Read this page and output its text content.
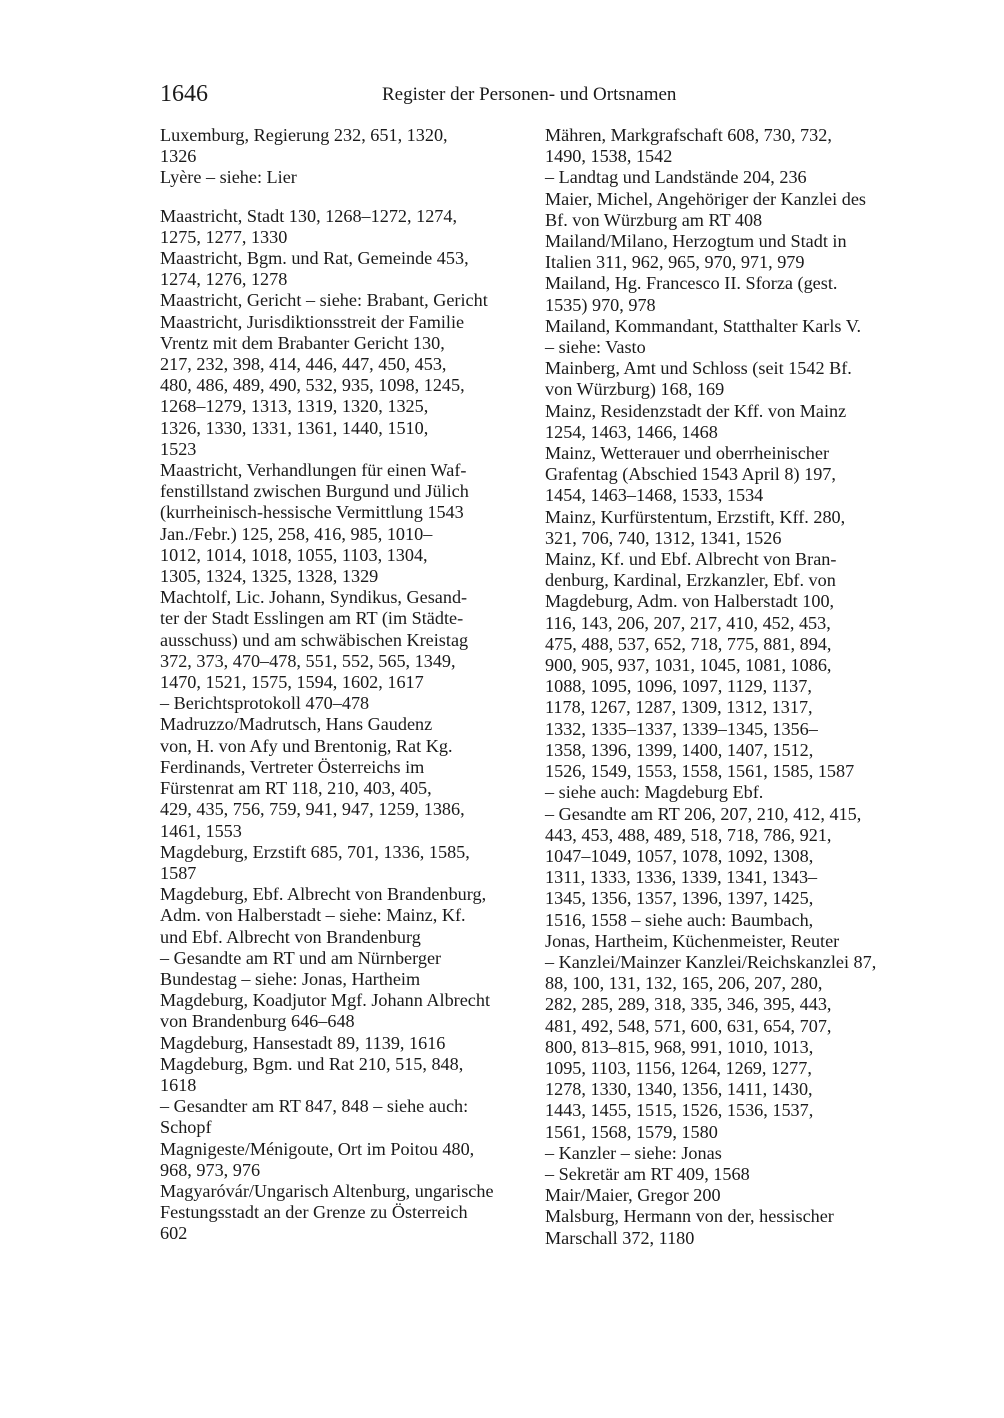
1646	Register der Personen- und Ortsnamen
Luxemburg, Regierung 232, 651, 1320,
1326
Lyère – siehe: Lier
Maastricht, Stadt 130, 1268–1272, 1274,
1275, 1277, 1330
Maastricht, Bgm. und Rat, Gemeinde 453,
1274, 1276, 1278
Maastricht, Gericht – siehe: Brabant, Gericht
Maastricht, Jurisdiktionsstreit der Familie
Vrentz mit dem Brabanter Gericht 130,
217, 232, 398, 414, 446, 447, 450, 453,
480, 486, 489, 490, 532, 935, 1098, 1245,
1268–1279, 1313, 1319, 1320, 1325,
1326, 1330, 1331, 1361, 1440, 1510,
1523
Maastricht, Verhandlungen für einen Waf-
fenstillstand zwischen Burgund und Jülich
(kurrheinisch-hessische Vermittlung 1543
Jan./Febr.) 125, 258, 416, 985, 1010–
1012, 1014, 1018, 1055, 1103, 1304,
1305, 1324, 1325, 1328, 1329
Machtolf, Lic. Johann, Syndikus, Gesand-
ter der Stadt Esslingen am RT (im Städte-
ausschuss) und am schwäbischen Kreistag
372, 373, 470–478, 551, 552, 565, 1349,
1470, 1521, 1575, 1594, 1602, 1617
– Berichtsprotokoll 470–478
Madruzzo/Madrutsch, Hans Gaudenz
von, H. von Afy und Brentonig, Rat Kg.
Ferdinands, Vertreter Österreichs im
Fürstenrat am RT 118, 210, 403, 405,
429, 435, 756, 759, 941, 947, 1259, 1386,
1461, 1553
Magdeburg, Erzstift 685, 701, 1336, 1585,
1587
Magdeburg, Ebf. Albrecht von Brandenburg,
Adm. von Halberstadt – siehe: Mainz, Kf.
und Ebf. Albrecht von Brandenburg
– Gesandte am RT und am Nürnberger
Bundestag – siehe: Jonas, Hartheim
Magdeburg, Koadjutor Mgf. Johann Albrecht
von Brandenburg 646–648
Magdeburg, Hansestadt 89, 1139, 1616
Magdeburg, Bgm. und Rat 210, 515, 848,
1618
– Gesandter am RT 847, 848 – siehe auch:
Schopf
Magnigeste/Ménigoute, Ort im Poitou 480,
968, 973, 976
Magyaróvár/Ungarisch Altenburg, ungarische
Festungsstadt an der Grenze zu Österreich
602
Mähren, Markgrafschaft 608, 730, 732,
1490, 1538, 1542
– Landtag und Landstände 204, 236
Maier, Michel, Angehöriger der Kanzlei des
Bf. von Würzburg am RT 408
Mailand/Milano, Herzogtum und Stadt in
Italien 311, 962, 965, 970, 971, 979
Mailand, Hg. Francesco II. Sforza (gest.
1535) 970, 978
Mailand, Kommandant, Statthalter Karls V.
– siehe: Vasto
Mainberg, Amt und Schloss (seit 1542 Bf.
von Würzburg) 168, 169
Mainz, Residenzstadt der Kff. von Mainz
1254, 1463, 1466, 1468
Mainz, Wetterauer und oberrheinischer
Grafentag (Abschied 1543 April 8) 197,
1454, 1463–1468, 1533, 1534
Mainz, Kurfürstentum, Erzstift, Kff. 280,
321, 706, 740, 1312, 1341, 1526
Mainz, Kf. und Ebf. Albrecht von Bran-
denburg, Kardinal, Erzkanzler, Ebf. von
Magdeburg, Adm. von Halberstadt 100,
116, 143, 206, 207, 217, 410, 452, 453,
475, 488, 537, 652, 718, 775, 881, 894,
900, 905, 937, 1031, 1045, 1081, 1086,
1088, 1095, 1096, 1097, 1129, 1137,
1178, 1267, 1287, 1309, 1312, 1317,
1332, 1335–1337, 1339–1345, 1356–
1358, 1396, 1399, 1400, 1407, 1512,
1526, 1549, 1553, 1558, 1561, 1585, 1587
– siehe auch: Magdeburg Ebf.
– Gesandte am RT 206, 207, 210, 412, 415,
443, 453, 488, 489, 518, 718, 786, 921,
1047–1049, 1057, 1078, 1092, 1308,
1311, 1333, 1336, 1339, 1341, 1343–
1345, 1356, 1357, 1396, 1397, 1425,
1516, 1558 – siehe auch: Baumbach,
Jonas, Hartheim, Küchenmeister, Reuter
– Kanzlei/Mainzer Kanzlei/Reichskanzlei 87,
88, 100, 131, 132, 165, 206, 207, 280,
282, 285, 289, 318, 335, 346, 395, 443,
481, 492, 548, 571, 600, 631, 654, 707,
800, 813–815, 968, 991, 1010, 1013,
1095, 1103, 1156, 1264, 1269, 1277,
1278, 1330, 1340, 1356, 1411, 1430,
1443, 1455, 1515, 1526, 1536, 1537,
1561, 1568, 1579, 1580
– Kanzler – siehe: Jonas
– Sekretär am RT 409, 1568
Mair/Maier, Gregor 200
Malsburg, Hermann von der, hessischer
Marschall 372, 1180
